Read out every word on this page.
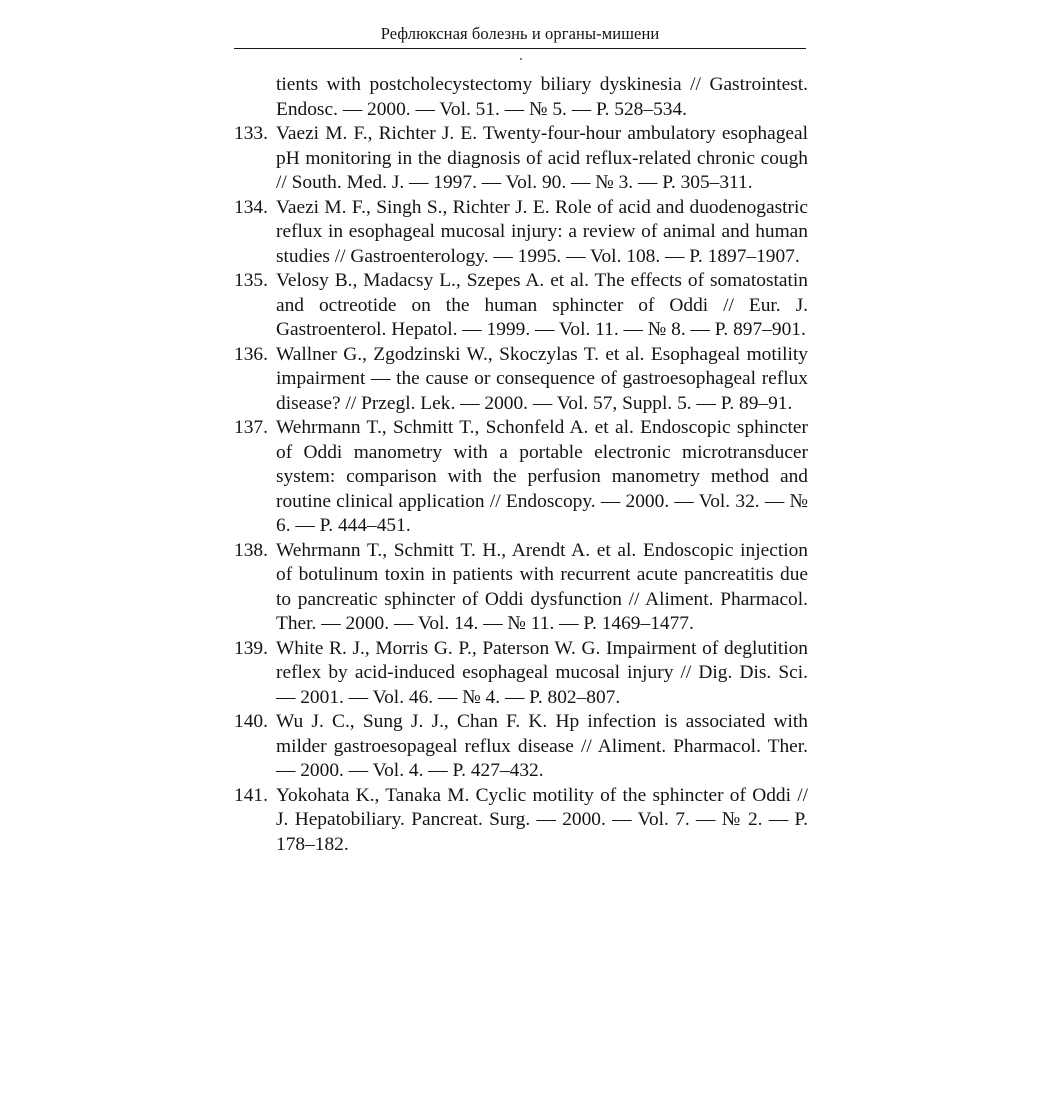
Рефлюксная болезнь и органы-мишени

tients with postcholecystectomy biliary dyskinesia // Gastrointest. Endosc. — 2000. — Vol. 51. — № 5. — P. 528–534.

133. Vaezi M. F., Richter J. E. Twenty-four-hour ambulatory esophageal pH monitoring in the diagnosis of acid reflux-related chronic cough // South. Med. J. — 1997. — Vol. 90. — № 3. — P. 305–311.

134. Vaezi M. F., Singh S., Richter J. E. Role of acid and duodenogastric reflux in esophageal mucosal injury: a review of animal and human studies // Gastroenterology. — 1995. — Vol. 108. — P. 1897–1907.

135. Velosy B., Madacsy L., Szepes A. et al. The effects of somatostatin and octreotide on the human sphincter of Oddi // Eur. J. Gastroenterol. Hepatol. — 1999. — Vol. 11. — № 8. — P. 897–901.

136. Wallner G., Zgodzinski W., Skoczylas T. et al. Esophageal motility impairment — the cause or consequence of gastroesophageal reflux disease? // Przegl. Lek. — 2000. — Vol. 57, Suppl. 5. — P. 89–91.

137. Wehrmann T., Schmitt T., Schonfeld A. et al. Endoscopic sphincter of Oddi manometry with a portable electronic microtransducer system: comparison with the perfusion manometry method and routine clinical application // Endoscopy. — 2000. — Vol. 32. — № 6. — P. 444–451.

138. Wehrmann T., Schmitt T. H., Arendt A. et al. Endoscopic injection of botulinum toxin in patients with recurrent acute pancreatitis due to pancreatic sphincter of Oddi dysfunction // Aliment. Pharmacol. Ther. — 2000. — Vol. 14. — № 11. — P. 1469–1477.

139. White R. J., Morris G. P., Paterson W. G. Impairment of deglutition reflex by acid-induced esophageal mucosal injury // Dig. Dis. Sci. — 2001. — Vol. 46. — № 4. — P. 802–807.

140. Wu J. C., Sung J. J., Chan F. K. Hp infection is associated with milder gastroesopageal reflux disease // Aliment. Pharmacol. Ther. — 2000. — Vol. 4. — P. 427–432.

141. Yokohata K., Tanaka M. Cyclic motility of the sphincter of Oddi // J. Hepatobiliary. Pancreat. Surg. — 2000. — Vol. 7. — № 2. — P. 178–182.
